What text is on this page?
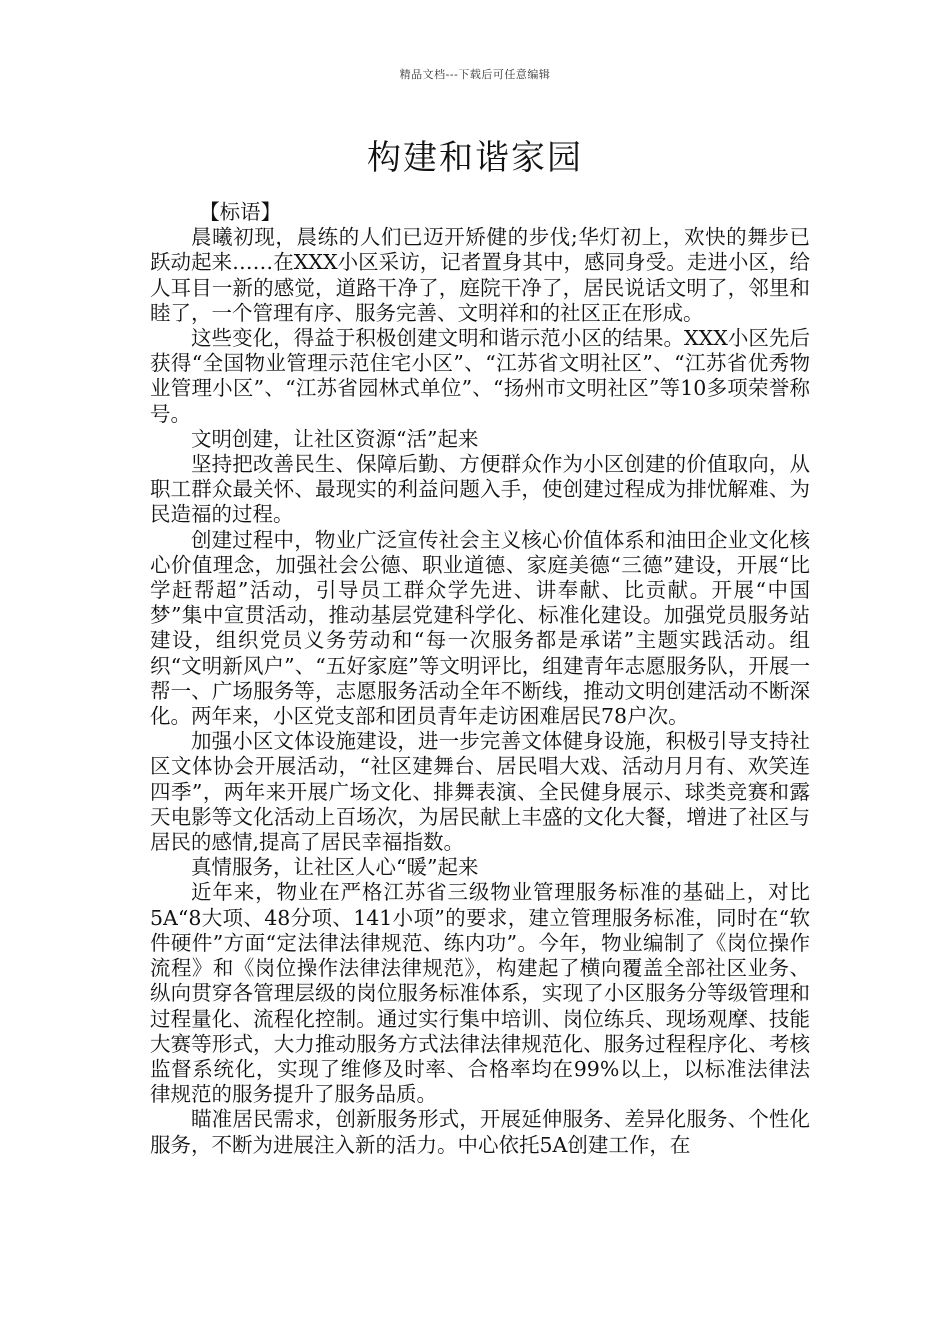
精品文档---下载后可任意编辑
构建和谐家园

【标语】

晨曦初现，晨练的人们已迈开矫健的步伐;华灯初上，欢快的舞步已跃动起来……在XXX小区采访，记者置身其中，感同身受。走进小区，给人耳目一新的感觉，道路干净了，庭院干净了，居民说话文明了，邻里和睦了，一个管理有序、服务完善、文明祥和的社区正在形成。

这些变化，得益于积极创建文明和谐示范小区的结果。XXX小区先后获得“全国物业管理示范住宅小区”、“江苏省文明社区”、“江苏省优秀物业管理小区”、“江苏省园林式单位”、“扬州市文明社区”等10多项荣誉称号。

文明创建，让社区资源“活”起来

坚持把改善民生、保障后勤、方便群众作为小区创建的价值取向，从职工群众最关怀、最现实的利益问题入手，使创建过程成为排忧解难、为民造福的过程。

创建过程中，物业广泛宣传社会主义核心价值体系和油田企业文化核心价值理念，加强社会公德、职业道德、家庭美德“三德”建设，开展“比学赶帮超”活动，引导员工群众学先进、讲奉献、比贡献。开展“中国梦”集中宣贯活动，推动基层党建科学化、标准化建设。加强党员服务站建设，组织党员义务劳动和“每一次服务都是承诺”主题实践活动。组织“文明新风户”、“五好家庭”等文明评比，组建青年志愿服务队，开展一帮一、广场服务等，志愿服务活动全年不断线，推动文明创建活动不断深化。两年来，小区党支部和团员青年走访困难居民78户次。

加强小区文体设施建设，进一步完善文体健身设施，积极引导支持社区文体协会开展活动，“社区建舞台、居民唱大戏、活动月月有、欢笑连四季”，两年来开展广场文化、排舞表演、全民健身展示、球类竞赛和露天电影等文化活动上百场次，为居民献上丰盛的文化大餐，增进了社区与居民的感情,提高了居民幸福指数。

真情服务，让社区人心“暖”起来

近年来，物业在严格江苏省三级物业管理服务标准的基础上，对比5A“8大项、48分项、141小项”的要求，建立管理服务标准，同时在“软件硬件”方面“定法律法律规范、练内功”。今年，物业编制了《岗位操作流程》和《岗位操作法律法律规范》，构建起了横向覆盖全部社区业务、纵向贯穿各管理层级的岗位服务标准体系，实现了小区服务分等级管理和过程量化、流程化控制。通过实行集中培训、岗位练兵、现场观摩、技能大赛等形式，大力推动服务方式法律法律规范化、服务过程程序化、考核监督系统化，实现了维修及时率、合格率均在99%以上，以标准法律法律规范的服务提升了服务品质。

瞄准居民需求，创新服务形式，开展延伸服务、差异化服务、个性化服务，不断为进展注入新的活力。中心依托5A创建工作，在
